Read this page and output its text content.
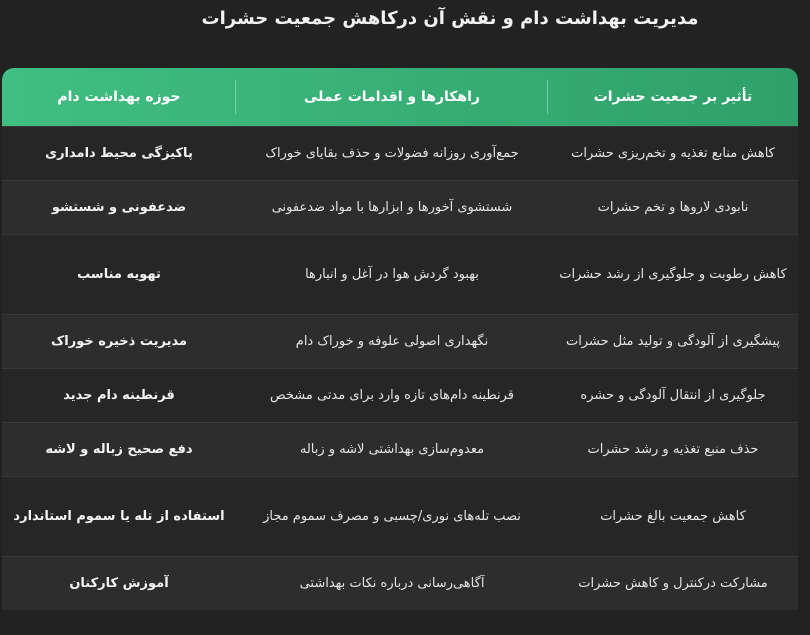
مدیریت بهداشت دام و نقش آن درکاهش جمعیت حشرات
تأثیر بر جمعیت حشرات	راهکارها و اقدامات عملی	حوزه بهداشت دام
کاهش منابع تغذیه و تخم‌ریزی حشرات	جمع‌آوری روزانه فضولات و حذف بقایای خوراک	پاکیزگی محیط دامداری
نابودی لاروها و تخم حشرات	شستشوی آخورها و ابزارها با مواد ضدعفونی	ضدعفونی و شستشو
کاهش رطوبت و جلوگیری از رشد حشرات	بهبود گردش هوا در آغل و انبارها	تهویه مناسب
پیشگیری از آلودگی و تولید مثل حشرات	نگهداری اصولی علوفه و خوراک دام	مدیریت ذخیره خوراک
جلوگیری از انتقال آلودگی و حشره	قرنطینه دام‌های تازه وارد برای مدتی مشخص	قرنطینه دام جدید
حذف منبع تغذیه و رشد حشرات	معدوم‌سازی بهداشتی لاشه و زباله	دفع صحیح زباله و لاشه
کاهش جمعیت بالغ حشرات	نصب تله‌های نوری/چسبی و مصرف سموم مجاز	استفاده از تله یا سموم استاندارد
مشارکت درکنترل و کاهش حشرات	آگاهی‌رسانی درباره نکات بهداشتی	آموزش کارکنان
